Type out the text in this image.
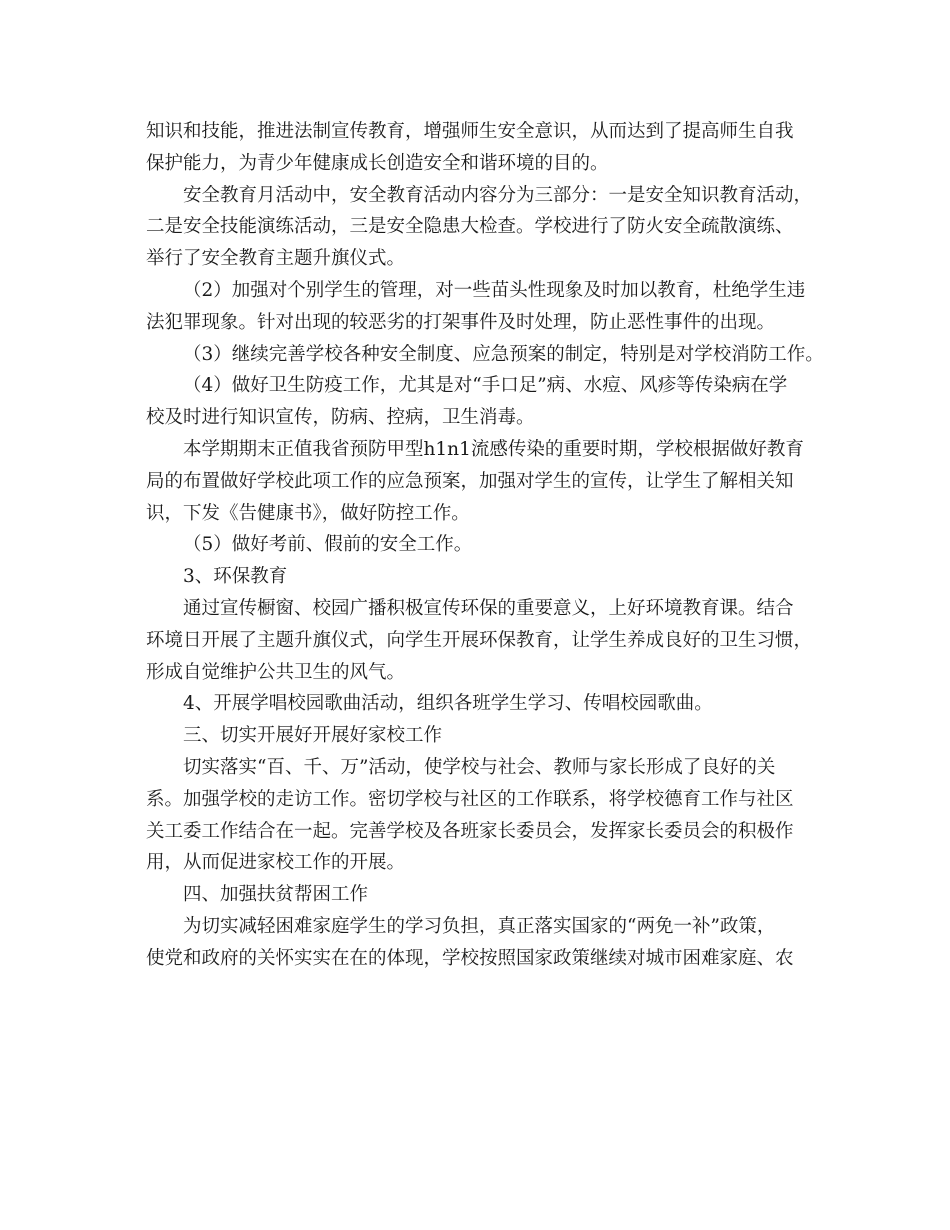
知识和技能，推进法制宣传教育，增强师生安全意识，从而达到了提高师生自我
保护能力，为青少年健康成长创造安全和谐环境的目的。
安全教育月活动中，安全教育活动内容分为三部分：一是安全知识教育活动，
二是安全技能演练活动，三是安全隐患大检查。学校进行了防火安全疏散演练、
举行了安全教育主题升旗仪式。
（2）加强对个别学生的管理，对一些苗头性现象及时加以教育，杜绝学生违
法犯罪现象。针对出现的较恶劣的打架事件及时处理，防止恶性事件的出现。
（3）继续完善学校各种安全制度、应急预案的制定，特别是对学校消防工作。
（4）做好卫生防疫工作，尤其是对“手口足”病、水痘、风疹等传染病在学
校及时进行知识宣传，防病、控病，卫生消毒。
本学期期末正值我省预防甲型h1n1流感传染的重要时期，学校根据做好教育
局的布置做好学校此项工作的应急预案，加强对学生的宣传，让学生了解相关知
识，下发《告健康书》，做好防控工作。
（5）做好考前、假前的安全工作。
3、环保教育
通过宣传橱窗、校园广播积极宣传环保的重要意义，上好环境教育课。结合
环境日开展了主题升旗仪式，向学生开展环保教育，让学生养成良好的卫生习惯，
形成自觉维护公共卫生的风气。
4、开展学唱校园歌曲活动，组织各班学生学习、传唱校园歌曲。
三、切实开展好开展好家校工作
切实落实“百、千、万”活动，使学校与社会、教师与家长形成了良好的关
系。加强学校的走访工作。密切学校与社区的工作联系，将学校德育工作与社区
关工委工作结合在一起。完善学校及各班家长委员会，发挥家长委员会的积极作
用，从而促进家校工作的开展。
四、加强扶贫帮困工作
为切实减轻困难家庭学生的学习负担，真正落实国家的“两免一补”政策，
使党和政府的关怀实实在在的体现，学校按照国家政策继续对城市困难家庭、农
